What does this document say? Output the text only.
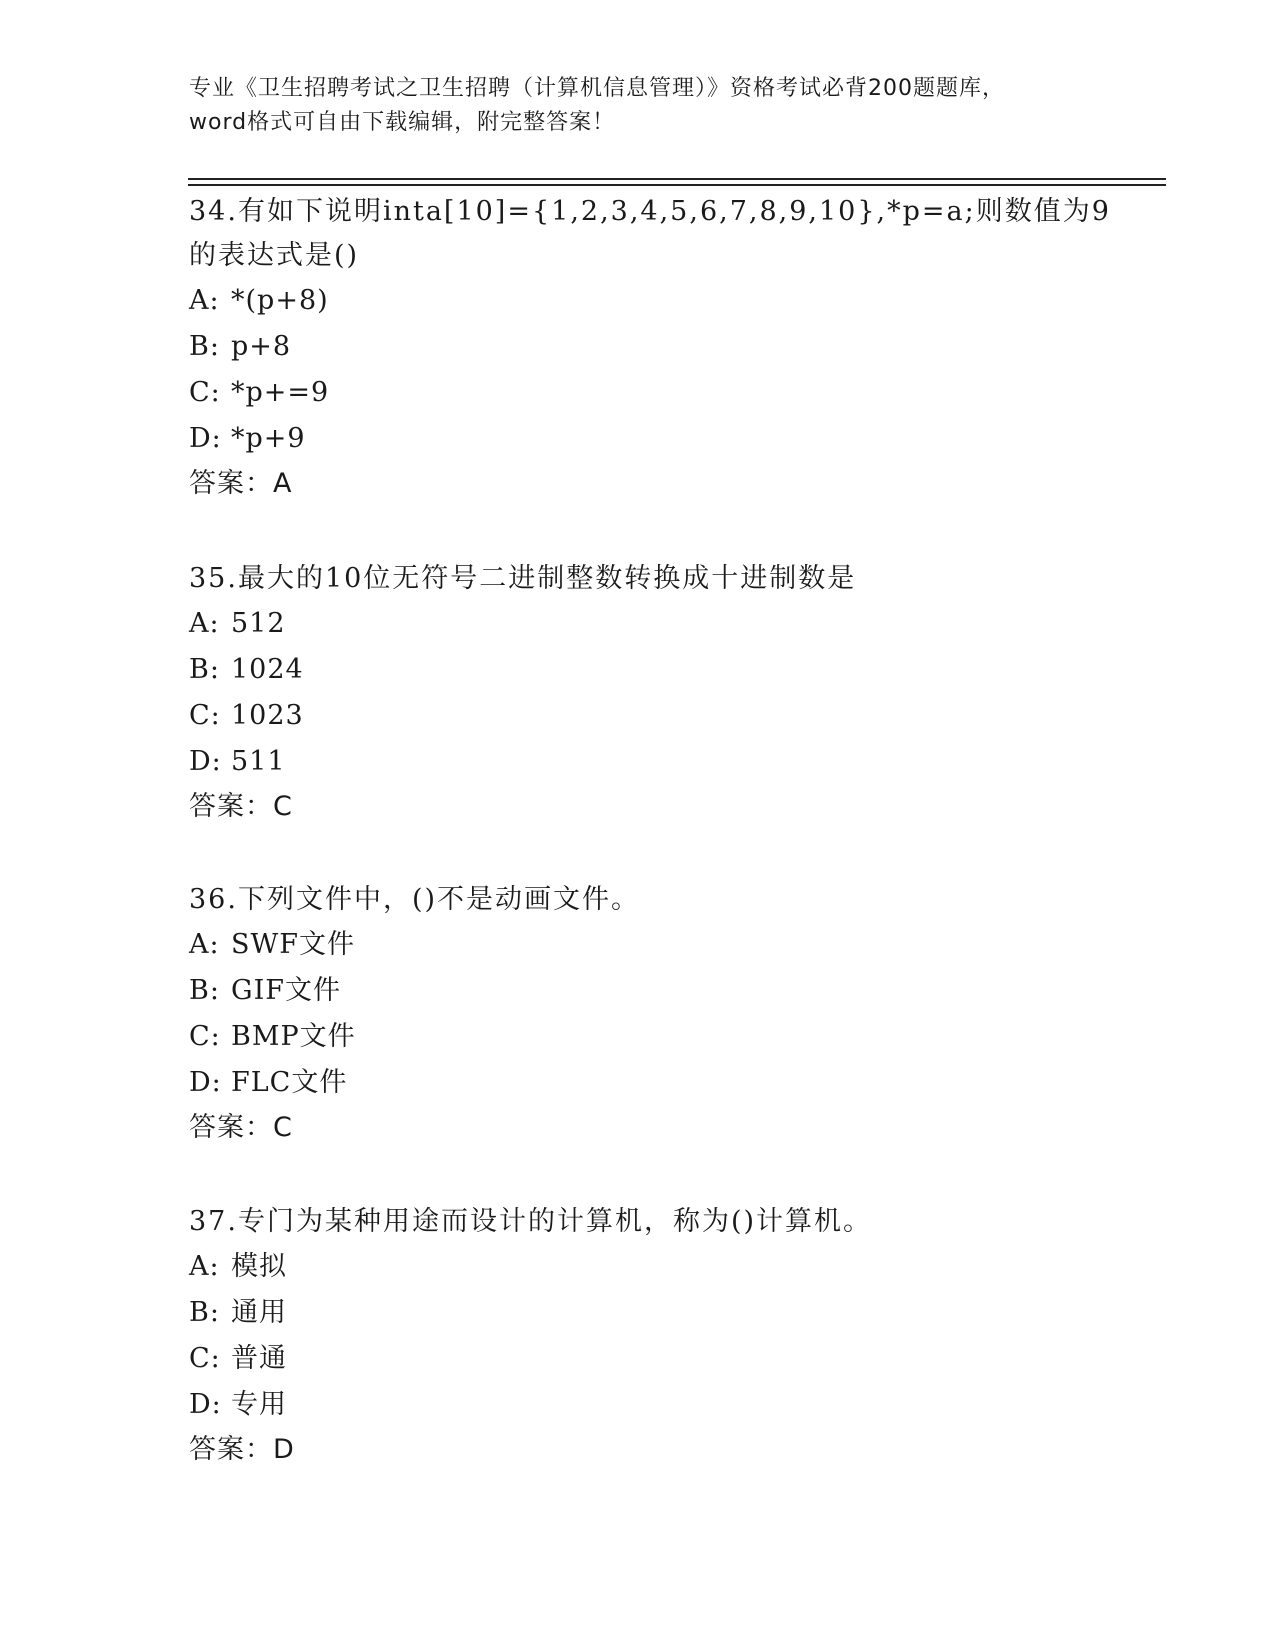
专业《卫生招聘考试之卫生招聘（计算机信息管理）》资格考试必背200题题库，
word格式可自由下载编辑，附完整答案！
34.有如下说明inta[10]={1,2,3,4,5,6,7,8,9,10},*p=a;则数值为9
的表达式是()
A: *(p+8)
B: p+8
C: *p+=9
D: *p+9
答案：A
35.最大的10位无符号二进制整数转换成十进制数是
A: 512
B: 1024
C: 1023
D: 511
答案：C
36.下列文件中，()不是动画文件。
A: SWF文件
B: GIF文件
C: BMP文件
D: FLC文件
答案：C
37.专门为某种用途而设计的计算机，称为()计算机。
A: 模拟
B: 通用
C: 普通
D: 专用
答案：D
